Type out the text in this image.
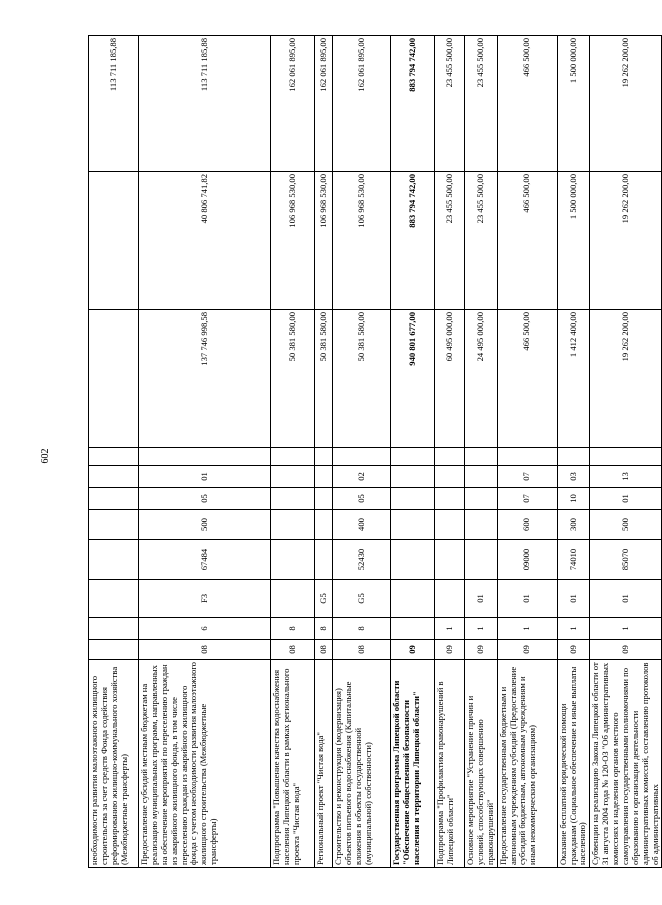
602
необходимости развития малоэтажного жилищного строительства за счет средств Фонда содействия реформированию жилищно-коммунального хозяйства (Межбюджетные трансферты)											113 711 185,88
Предоставление субсидий местным бюджетам на реализацию муниципальных программ, направленных на обеспечение мероприятий по переселению граждан из аварийного жилищного фонда, в том числе переселению граждан из аварийного жилищного фонда с учетом необходимости развития малоэтажного жилищного строительства (Межбюджетные трансферты)	08	6	F3	67484	500	05	01		137 746 998,58	40 806 741,82	113 711 185,88
Подпрограмма "Повышение качества водоснабжения населения Липецкой области в рамках регионального проекта "Чистая вода"	08	8							50 381 580,00	106 968 530,00	162 061 895,00
Региональный проект "Чистая вода"	08	8	G5						50 381 580,00	106 968 530,00	162 061 895,00
Строительство и реконструкция (модернизация) объектов питьевого водоснабжения (Капитальные вложения в объекты государственной (муниципальной) собственности)	08	8	G5	52430	400	05	02		50 381 580,00	106 968 530,00	162 061 895,00
Государственная программа Липецкой области "Обеспечение общественной безопасности населения и территории Липецкой области"	09								940 801 677,00	883 794 742,00	883 794 742,00
Подпрограмма "Профилактика правонарушений в Липецкой области"	09	1							60 495 000,00	23 455 500,00	23 455 500,00
Основное мероприятие "Устранение причин и условий, способствующих совершению правонарушений"	09	1	01						24 495 000,00	23 455 500,00	23 455 500,00
Предоставление государственным бюджетным и автономным учреждениям субсидий (Предоставление субсидий бюджетным, автономным учреждениям и иным некоммерческим организациям)	09	1	01	09000	600	07	07		466 500,00	466 500,00	466 500,00
Оказание бесплатной юридической помощи гражданам (Социальное обеспечение и иные выплаты населению)	09	1	01	74010	300	10	03		1 412 400,00	1 500 000,00	1 500 000,00
Субвенции на реализацию Закона Липецкой области от 31 августа 2004 года № 120-ОЗ "Об административных комиссиях и наделении органов местного самоуправления государственными полномочиями по образованию и организации деятельности административных комиссий, составлению протоколов об административных	09	1	01	85070	500	01	13		19 262 200,00	19 262 200,00	19 262 200,00
